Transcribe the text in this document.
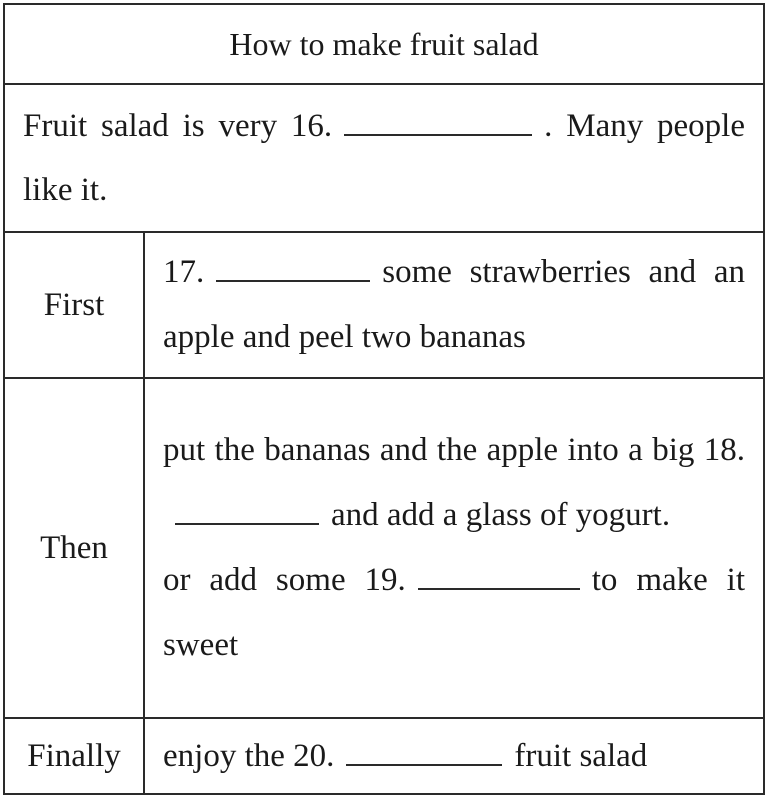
How to make fruit salad	
Fruit salad is very 16. . Many people like it.	
First	17. some strawberries and an apple and peel two bananas
Then	put the bananas and the apple into a big 18.and add a glass of yogurt.
or add some 19. to make it sweet
Finally	enjoy the 20. fruit salad
